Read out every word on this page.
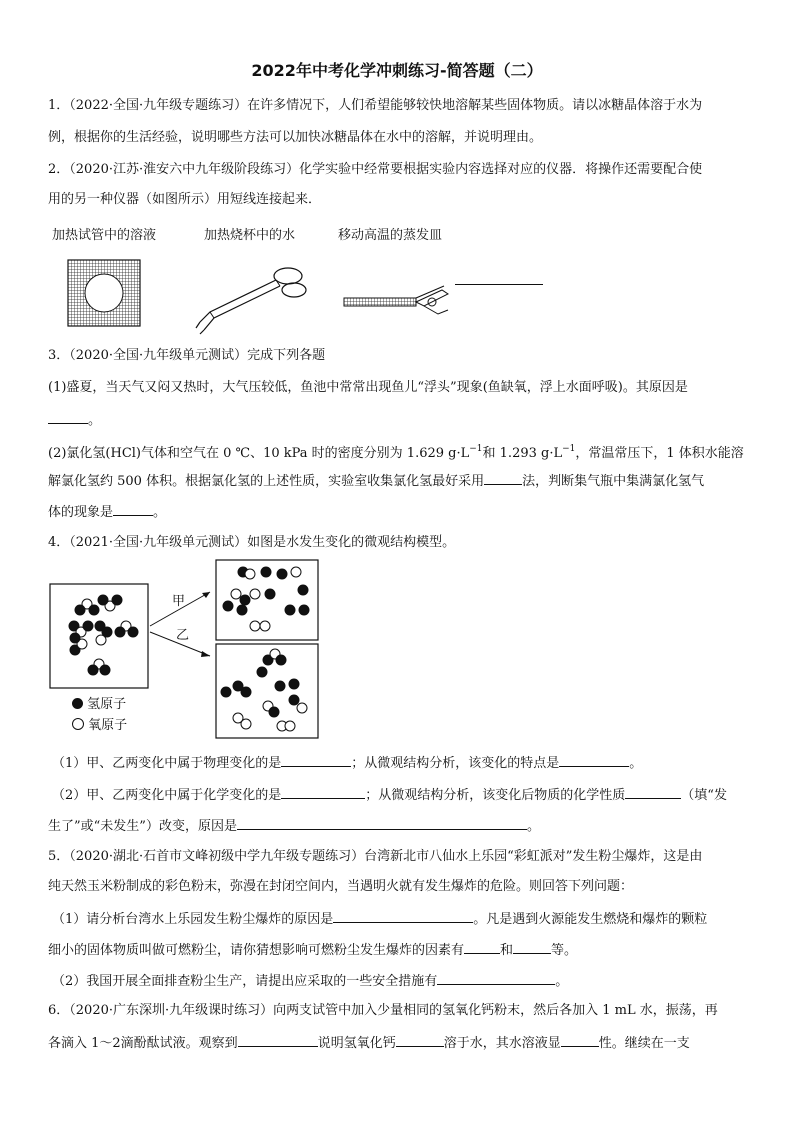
2022年中考化学冲刺练习-简答题（二）
1．（2022·全国·九年级专题练习）在许多情况下，人们希望能够较快地溶解某些固体物质。请以冰糖晶体溶于水为
例，根据你的生活经验，说明哪些方法可以加快冰糖晶体在水中的溶解，并说明理由。
2．（2020·江苏·淮安六中九年级阶段练习）化学实验中经常要根据实验内容选择对应的仪器．将操作还需要配合使
用的另一种仪器（如图所示）用短线连接起来．
加热试管中的溶液	加热烧杯中的水	移动高温的蒸发皿
3．（2020·全国·九年级单元测试）完成下列各题
(1)盛夏，当天气又闷又热时，大气压较低，鱼池中常常出现鱼儿“浮头”现象(鱼缺氧，浮上水面呼吸)。其原因是
。
(2)氯化氢(HCl)气体和空气在 0 ℃、10 kPa 时的密度分别为 1.629 $g\cdot L^{-1}$和 1.293 $g\cdot L^{-1}$，常温常压下，1 体积水能溶
解氯化氢约 500 体积。根据氯化氢的上述性质，实验室收集氯化氢最好采用	法，判断集气瓶中集满氯化氢气
体的现象是	。
4．（2021·全国·九年级单元测试）如图是水发生变化的微观结构模型。
甲
乙
氢原子
氧原子
（1）甲、乙两变化中属于物理变化的是	；从微观结构分析，该变化的特点是	。
（2）甲、乙两变化中属于化学变化的是	；从微观结构分析，该变化后物质的化学性质	（填“发
生了”或“未发生”）改变，原因是	。
5．（2020·湖北·石首市文峰初级中学九年级专题练习）台湾新北市八仙水上乐园“彩虹派对”发生粉尘爆炸，这是由
纯天然玉米粉制成的彩色粉末，弥漫在封闭空间内，当遇明火就有发生爆炸的危险。则回答下列问题：
（1）请分析台湾水上乐园发生粉尘爆炸的原因是	。凡是遇到火源能发生燃烧和爆炸的颗粒
细小的固体物质叫做可燃粉尘，请你猜想影响可燃粉尘发生爆炸的因素有	和	等。
（2）我国开展全面排查粉尘生产，请提出应采取的一些安全措施有	。
6．（2020·广东深圳·九年级课时练习）向两支试管中加入少量相同的氢氧化钙粉末，然后各加入 1 mL 水，振荡，再
各滴入 1～2滴酚酞试液。观察到	说明氢氧化钙	溶于水，其水溶液显	性。继续在一支
